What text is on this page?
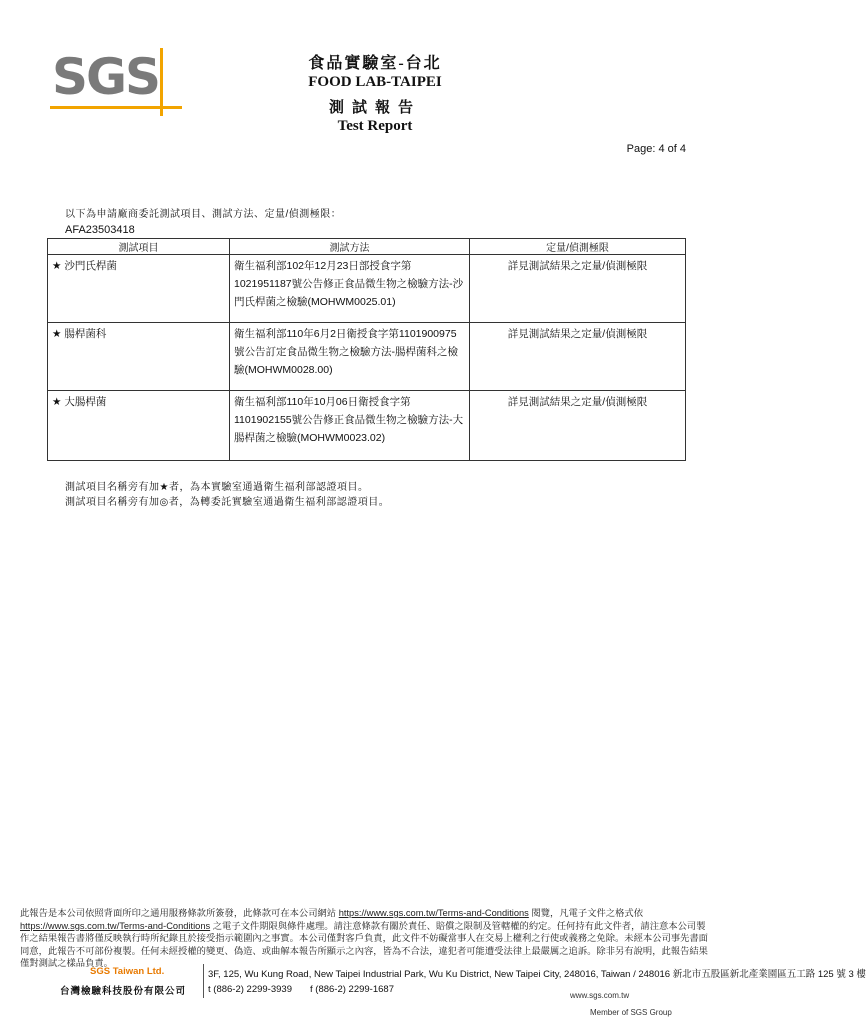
SGS	食品實驗室-台北
FOOD LAB-TAIPEI
測試報告
Test Report
Page: 4 of 4
以下為申請廠商委託測試項目、測試方法、定量/偵測極限：
AFA23503418
測試項目	測試方法	定量/偵測極限
★ 沙門氏桿菌	衛生福利部102年12月23日部授食字第1021951187號公告修正食品微生物之檢驗方法-沙門氏桿菌之檢驗(MOHWM0025.01)	詳見測試結果之定量/偵測極限
★ 腸桿菌科	衛生福利部110年6月2日衛授食字第1101900975號公告訂定食品微生物之檢驗方法-腸桿菌科之檢驗(MOHWM0028.00)	詳見測試結果之定量/偵測極限
★ 大腸桿菌	衛生福利部110年10月06日衛授食字第1101902155號公告修正食品微生物之檢驗方法-大腸桿菌之檢驗(MOHWM0023.02)	詳見測試結果之定量/偵測極限
測試項目名稱旁有加★者，為本實驗室通過衛生福利部認證項目。
測試項目名稱旁有加◎者，為轉委託實驗室通過衛生福利部認證項目。
此報告是本公司依照背面所印之通用服務條款所簽發，此條款可在本公司網站 https://www.sgs.com.tw/Terms-and-Conditions 閱覽，凡電子文件之格式依 https://www.sgs.com.tw/Terms-and-Conditions 之電子文件期限與條件處理。請注意條款有關於責任、賠償之限制及管轄權的約定。任何持有此文件者，請注意本公司製作之結果報告書將僅反映執行時所紀錄且於接受指示範圍內之事實。本公司僅對客戶負責，此文件不妨礙當事人在交易上權利之行使或義務之免除。未經本公司事先書面同意，此報告不可部份複製。任何未經授權的變更、偽造、或曲解本報告所顯示之內容，皆為不合法，違犯者可能遭受法律上最嚴厲之追訴。除非另有說明，此報告結果僅對測試之樣品負責。
SGS Taiwan Ltd.
台灣檢驗科技股份有限公司
3F, 125, Wu Kung Road, New Taipei Industrial Park, Wu Ku District, New Taipei City, 248016, Taiwan / 248016 新北市五股區新北產業園區五工路 125 號 3 樓
t (886-2) 2299-3939 f (886-2) 2299-1687
www.sgs.com.tw
Member of SGS Group
